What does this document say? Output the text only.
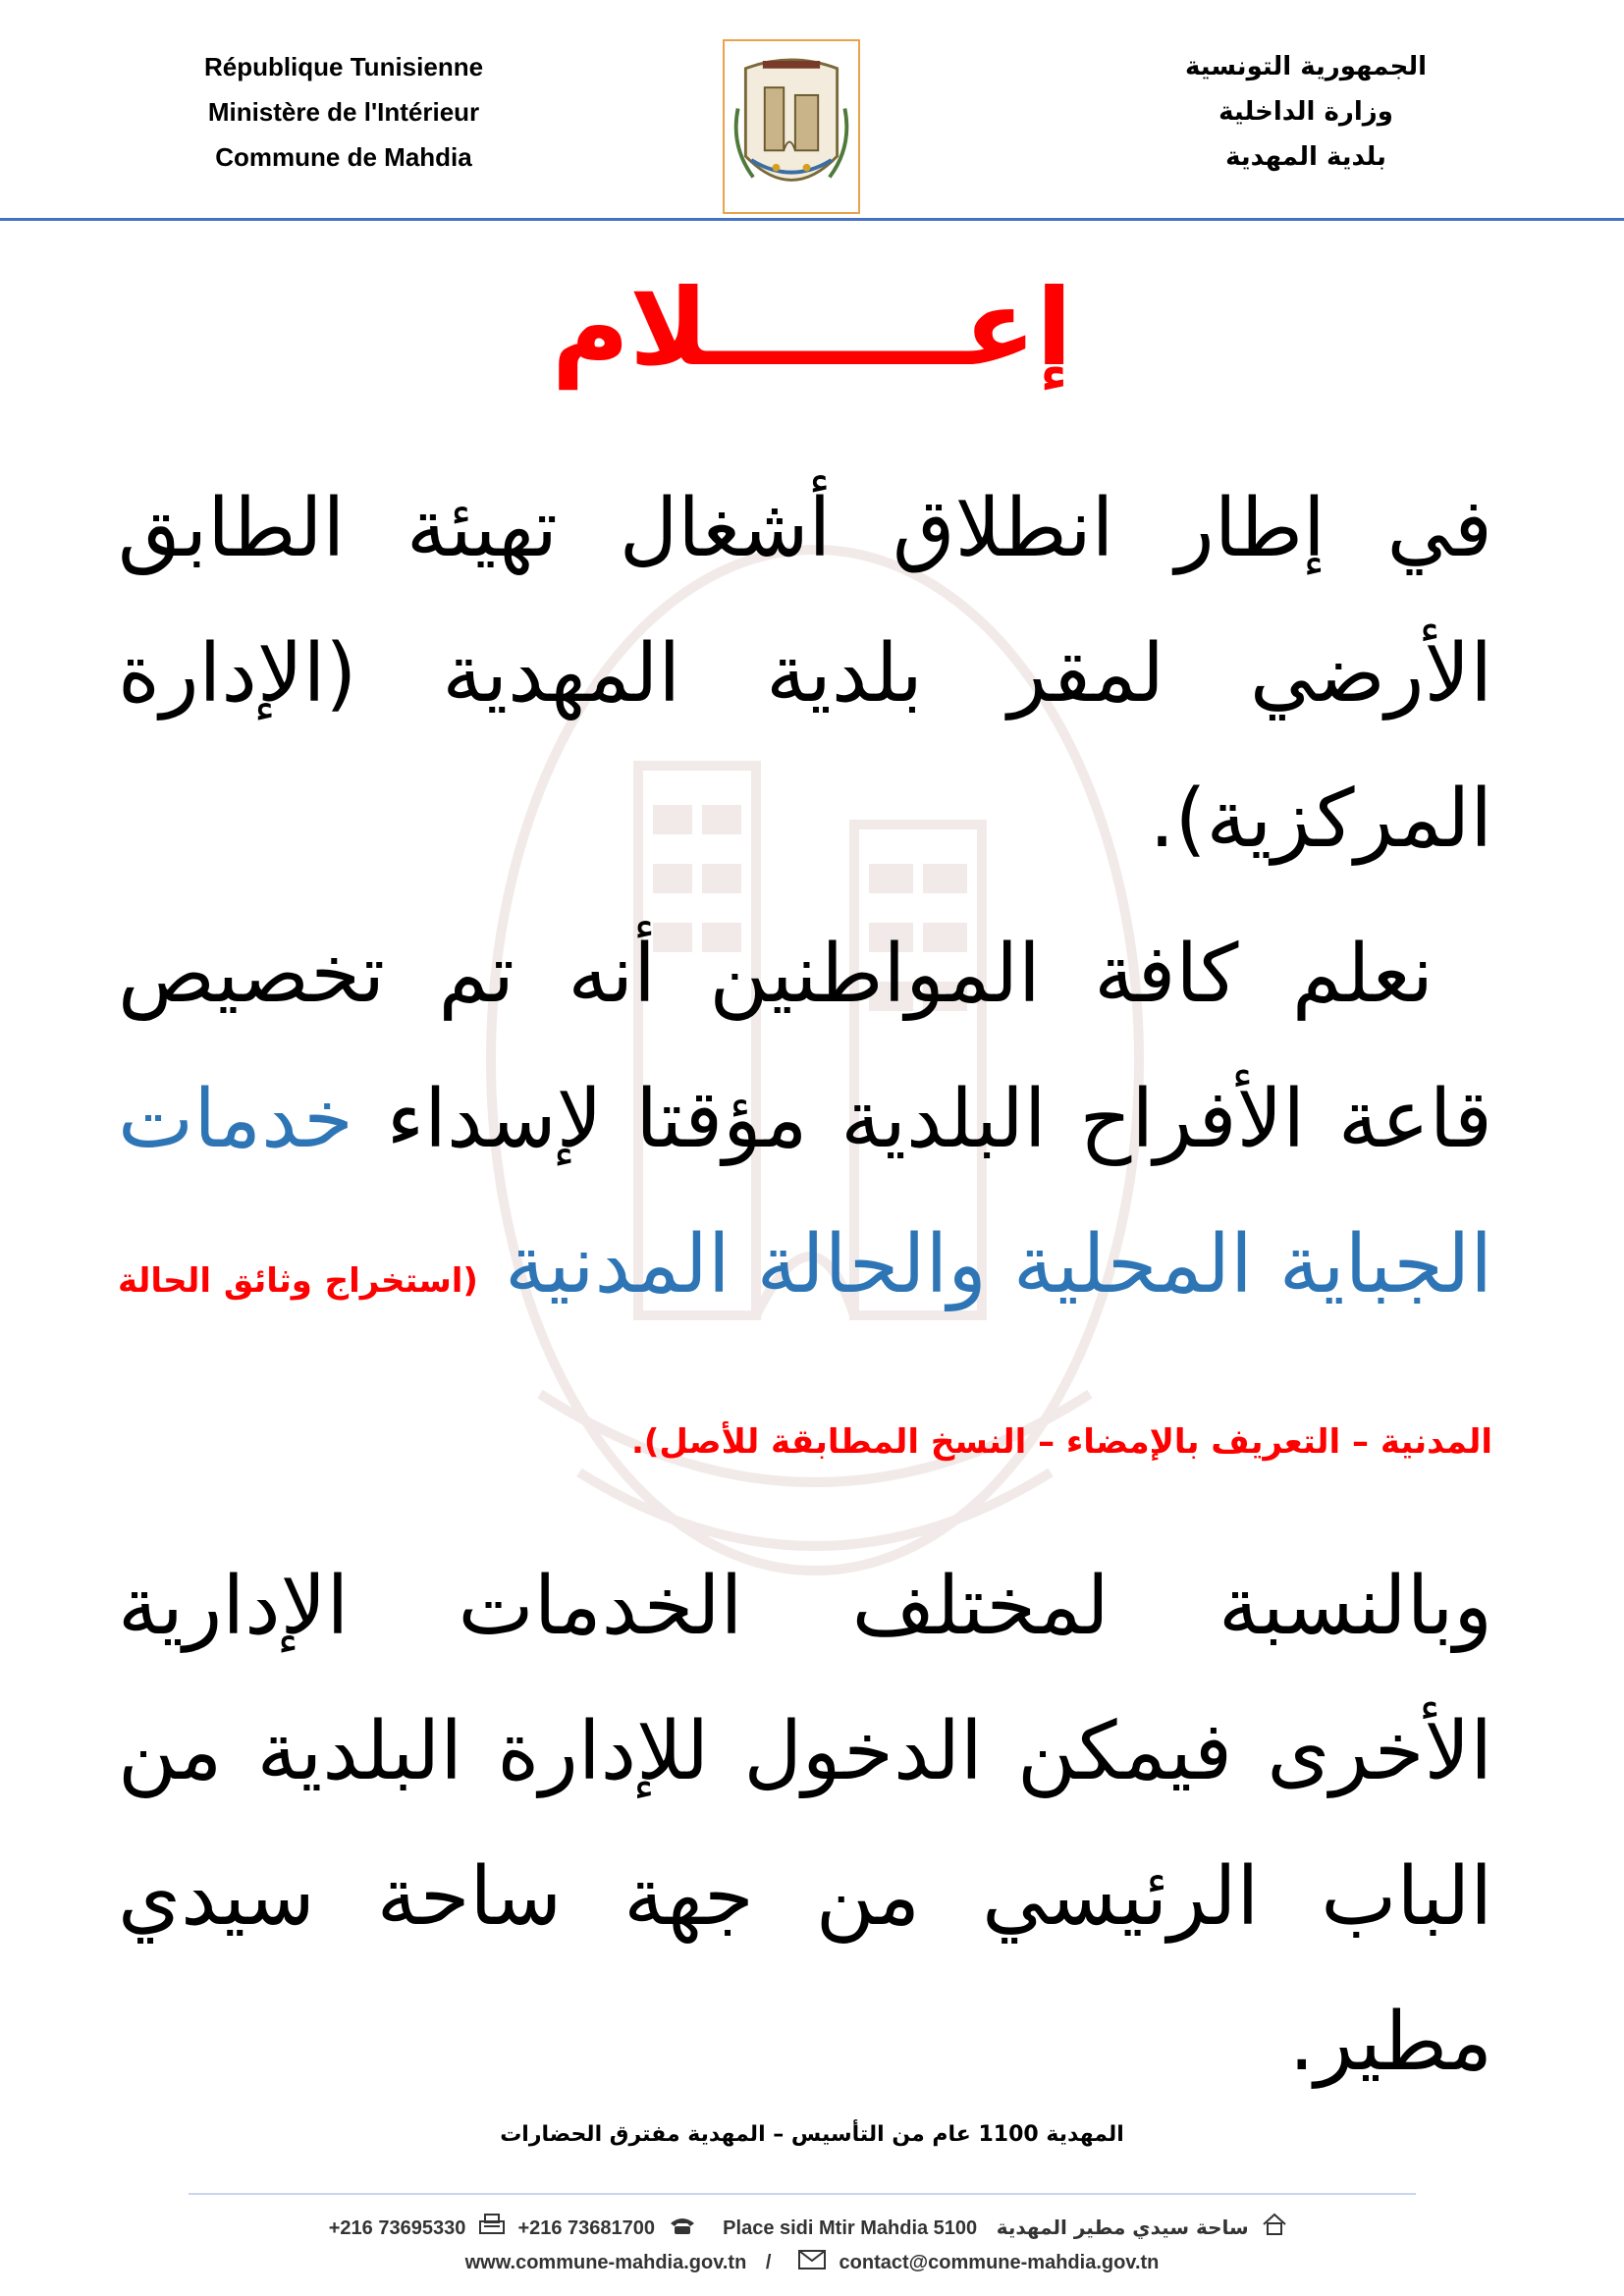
République Tunisienne
Ministère de l'Intérieur
Commune de Mahdia
الجمهورية التونسية
وزارة الداخلية
بلدية المهدية
إعـــــــلام

في إطار انطلاق أشغال تهيئة الطابق الأرضي لمقر بلدية المهدية (الإدارة المركزية).

نعلم كافة المواطنين أنه تم تخصيص قاعة الأفراح البلدية مؤقتا لإسداء خدمات الجباية المحلية والحالة المدنية (استخراج وثائق الحالة المدنية – التعريف بالإمضاء – النسخ المطابقة للأصل).

وبالنسبة لمختلف الخدمات الإدارية الأخرى فيمكن الدخول للإدارة البلدية من الباب الرئيسي من جهة ساحة سيدي مطير.

المهدية 1100 عام من التأسيس – المهدية مفترق الحضارات
+216 73695330	+216 73681700	Place sidi Mtir Mahdia 5100 ساحة سيدي مطير المهدية
www.commune-mahdia.gov.tn /	contact@commune-mahdia.gov.tn
